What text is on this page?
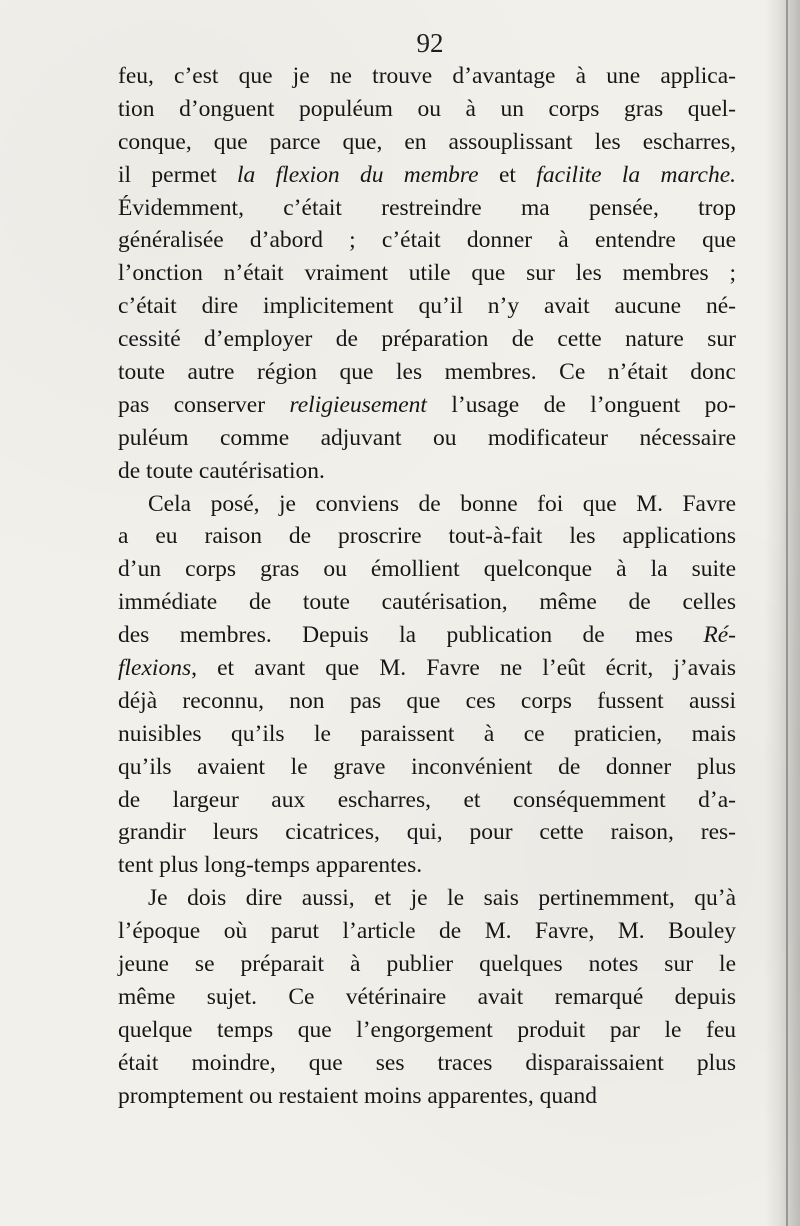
92
feu, c’est que je ne trouve d’avantage à une applica-
tion d’onguent populéum ou à un corps gras quel-
conque, que parce que, en assouplissant les escharres,
il permet la flexion du membre et facilite la marche.
Évidemment, c’était restreindre ma pensée, trop
généralisée d’abord ; c’était donner à entendre que
l’onction n’était vraiment utile que sur les membres ;
c’était dire implicitement qu’il n’y avait aucune né-
cessité d’employer de préparation de cette nature sur
toute autre région que les membres. Ce n’était donc
pas conserver religieusement l’usage de l’onguent po-
puléum comme adjuvant ou modificateur nécessaire
de toute cautérisation.
Cela posé, je conviens de bonne foi que M. Favre
a eu raison de proscrire tout-à-fait les applications
d’un corps gras ou émollient quelconque à la suite
immédiate de toute cautérisation, même de celles
des membres. Depuis la publication de mes Ré-
flexions, et avant que M. Favre ne l’eût écrit, j’avais
déjà reconnu, non pas que ces corps fussent aussi
nuisibles qu’ils le paraissent à ce praticien, mais
qu’ils avaient le grave inconvénient de donner plus
de largeur aux escharres, et conséquemment d’a-
grandir leurs cicatrices, qui, pour cette raison, res-
tent plus long-temps apparentes.
Je dois dire aussi, et je le sais pertinemment, qu’à
l’époque où parut l’article de M. Favre, M. Bouley
jeune se préparait à publier quelques notes sur le
même sujet. Ce vétérinaire avait remarqué depuis
quelque temps que l’engorgement produit par le feu
était moindre, que ses traces disparaissaient plus
promptement ou restaient moins apparentes, quand
